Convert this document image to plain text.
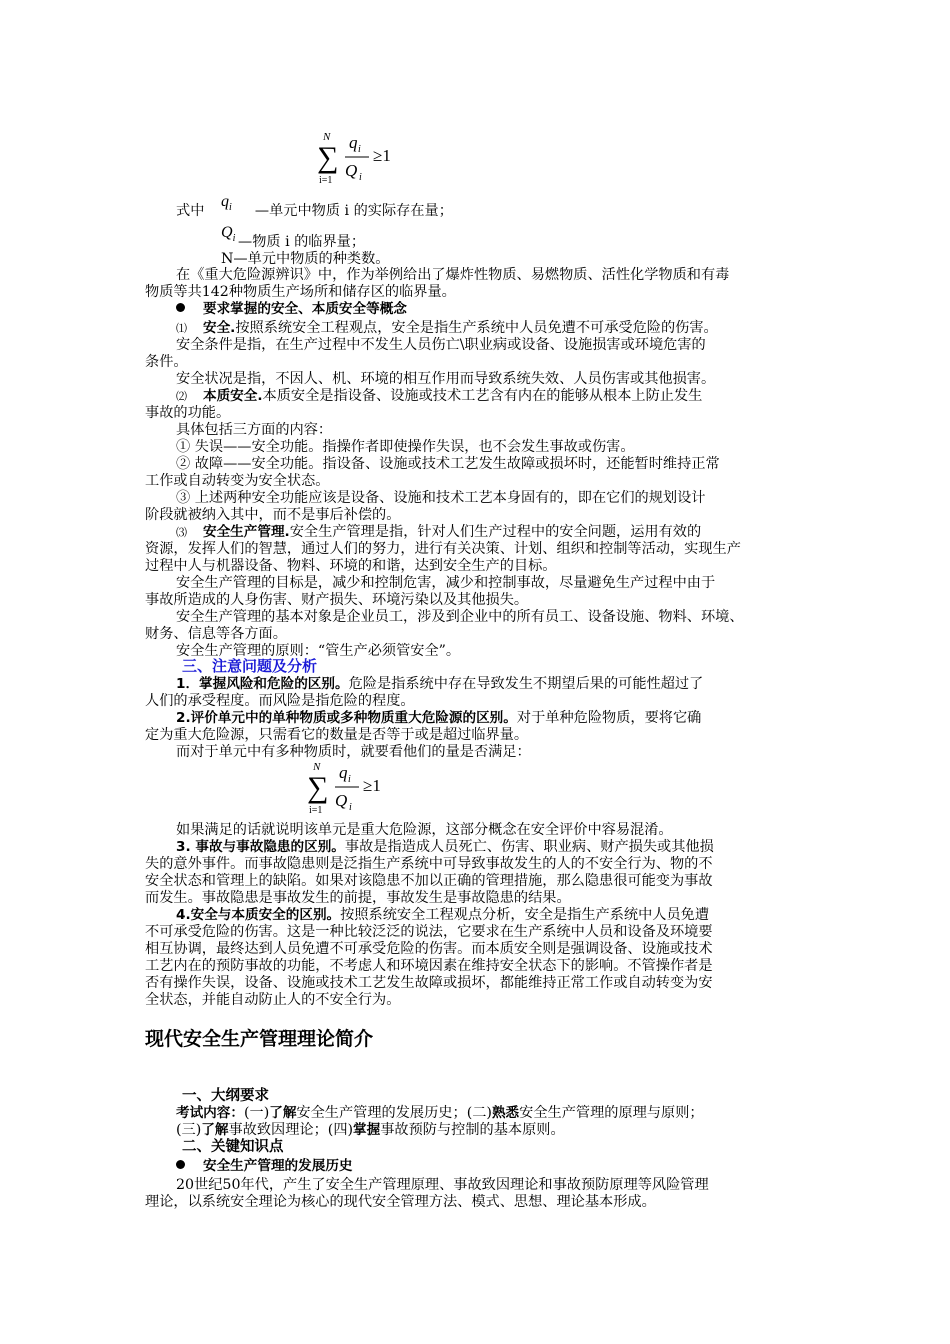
N
∑
i=1
q i
Q i
≥1
式中	—单元中物质 i 的实际存在量；
$q_i$
—物质 i 的临界量；
$Q_i$
N—单元中物质的种类数。
在《重大危险源辨识》中，作为举例给出了爆炸性物质、易燃物质、活性化学物质和有毒
物质等共142种物质生产场所和储存区的临界量。
要求掌握的安全、本质安全等概念
⑴ 安全.按照系统安全工程观点，安全是指生产系统中人员免遭不可承受危险的伤害。
安全条件是指，在生产过程中不发生人员伤亡\职业病或设备、设施损害或环境危害的
条件。
安全状况是指，不因人、机、环境的相互作用而导致系统失效、人员伤害或其他损害。
⑵ 本质安全.本质安全是指设备、设施或技术工艺含有内在的能够从根本上防止发生
事故的功能。
具体包括三方面的内容：
① 失误——安全功能。指操作者即使操作失误，也不会发生事故或伤害。
② 故障——安全功能。指设备、设施或技术工艺发生故障或损坏时，还能暂时维持正常
工作或自动转变为安全状态。
③ 上述两种安全功能应该是设备、设施和技术工艺本身固有的，即在它们的规划设计
阶段就被纳入其中，而不是事后补偿的。
⑶ 安全生产管理.安全生产管理是指，针对人们生产过程中的安全问题，运用有效的
资源，发挥人们的智慧，通过人们的努力，进行有关决策、计划、组织和控制等活动，实现生产
过程中人与机器设备、物料、环境的和谐，达到安全生产的目标。
安全生产管理的目标是，减少和控制危害，减少和控制事故，尽量避免生产过程中由于
事故所造成的人身伤害、财产损失、环境污染以及其他损失。
安全生产管理的基本对象是企业员工，涉及到企业中的所有员工、设备设施、物料、环境、
财务、信息等各方面。
安全生产管理的原则：“管生产必须管安全”。
三、注意问题及分析
1．掌握风险和危险的区别。危险是指系统中存在导致发生不期望后果的可能性超过了
人们的承受程度。而风险是指危险的程度。
2.评价单元中的单种物质或多种物质重大危险源的区别。对于单种危险物质，要将它确
定为重大危险源，只需看它的数量是否等于或是超过临界量。
而对于单元中有多种物质时，就要看他们的量是否满足：
N
∑
i=1
q i
Q i
≥1
如果满足的话就说明该单元是重大危险源，这部分概念在安全评价中容易混淆。
3. 事故与事故隐患的区别。事故是指造成人员死亡、伤害、职业病、财产损失或其他损
失的意外事件。而事故隐患则是泛指生产系统中可导致事故发生的人的不安全行为、物的不
安全状态和管理上的缺陷。如果对该隐患不加以正确的管理措施，那么隐患很可能变为事故
而发生。事故隐患是事故发生的前提，事故发生是事故隐患的结果。
4.安全与本质安全的区别。按照系统安全工程观点分析，安全是指生产系统中人员免遭
不可承受危险的伤害。这是一种比较泛泛的说法，它要求在生产系统中人员和设备及环境要
相互协调，最终达到人员免遭不可承受危险的伤害。而本质安全则是强调设备、设施或技术
工艺内在的预防事故的功能，不考虑人和环境因素在维持安全状态下的影响。不管操作者是
否有操作失误，设备、设施或技术工艺发生故障或损坏，都能维持正常工作或自动转变为安
全状态，并能自动防止人的不安全行为。
现代安全生产管理理论简介
一、大纲要求
考试内容：(一)了解安全生产管理的发展历史；(二)熟悉安全生产管理的原理与原则；
(三)了解事故致因理论；(四)掌握事故预防与控制的基本原则。
二、关键知识点
安全生产管理的发展历史
20世纪50年代，产生了安全生产管理原理、事故致因理论和事故预防原理等风险管理
理论，以系统安全理论为核心的现代安全管理方法、模式、思想、理论基本形成。
